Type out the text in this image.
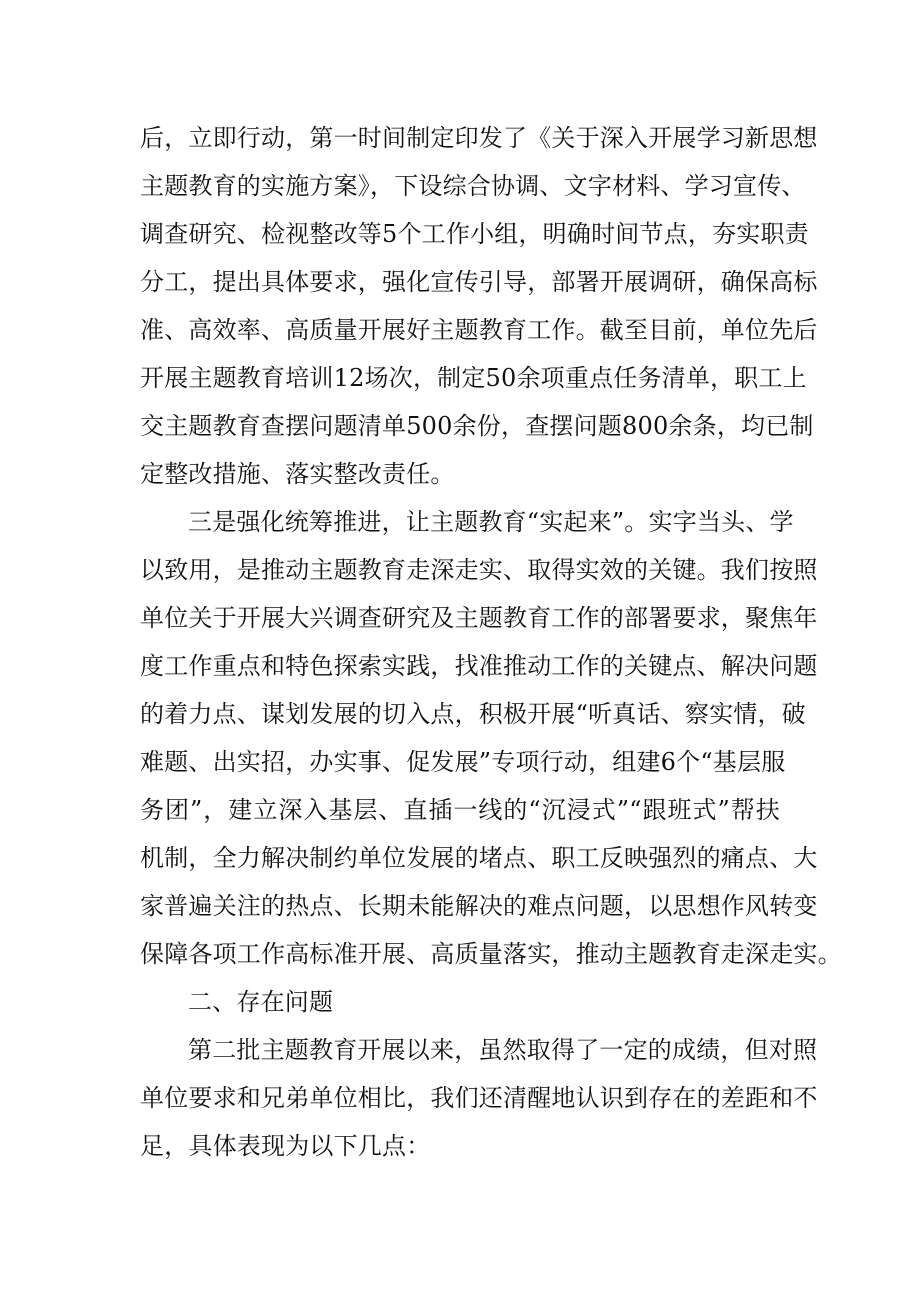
后，立即行动，第一时间制定印发了《关于深入开展学习新思想
主题教育的实施方案》，下设综合协调、文字材料、学习宣传、
调查研究、检视整改等5个工作小组，明确时间节点，夯实职责
分工，提出具体要求，强化宣传引导，部署开展调研，确保高标
准、高效率、高质量开展好主题教育工作。截至目前，单位先后
开展主题教育培训12场次，制定50余项重点任务清单，职工上
交主题教育查摆问题清单500余份，查摆问题800余条，均已制
定整改措施、落实整改责任。
三是强化统筹推进，让主题教育“实起来”。实字当头、学
以致用，是推动主题教育走深走实、取得实效的关键。我们按照
单位关于开展大兴调查研究及主题教育工作的部署要求，聚焦年
度工作重点和特色探索实践，找准推动工作的关键点、解决问题
的着力点、谋划发展的切入点，积极开展“听真话、察实情，破
难题、出实招，办实事、促发展”专项行动，组建6个“基层服
务团”，建立深入基层、直插一线的“沉浸式”“跟班式”帮扶
机制，全力解决制约单位发展的堵点、职工反映强烈的痛点、大
家普遍关注的热点、长期未能解决的难点问题，以思想作风转变
保障各项工作高标准开展、高质量落实，推动主题教育走深走实。
二、存在问题
第二批主题教育开展以来，虽然取得了一定的成绩，但对照
单位要求和兄弟单位相比，我们还清醒地认识到存在的差距和不
足，具体表现为以下几点：
